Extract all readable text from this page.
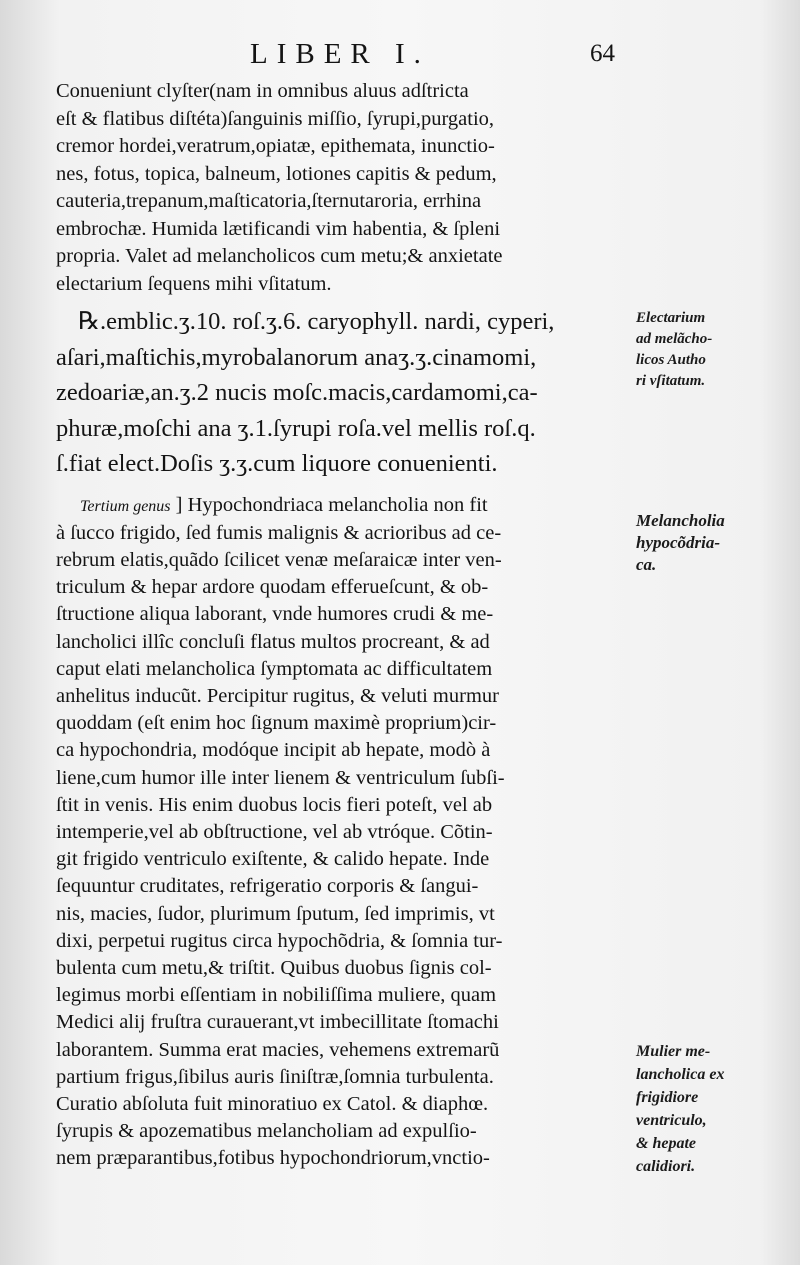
LIBER I.	64
Conueniunt clyſter(nam in omnibus aluus adſtricta
eſt & flatibus diſtéta)ſanguinis miſſio, ſyrupi,purgatio,
cremor hordei,veratrum,opiatæ, epithemata, inunctio-
nes, fotus, topica, balneum, lotiones capitis & pedum,
cauteria,trepanum,maſticatoria,ſternutaroria, errhina
embrochæ. Humida lætificandi vim habentia, & ſpleni
propria. Valet ad melancholicos cum metu;& anxietate
electarium ſequens mihi vſitatum.
℞.emblic.ʒ.10. roſ.ʒ.6. caryophyll. nardi, cyperi,
aſari,maſtichis,myrobalanorum anaʒ.ʒ.cinamomi,
zedoariæ,an.ʒ.2 nucis moſc.macis,cardamomi,ca-
phuræ,moſchi ana ʒ.1.ſyrupi roſa.vel mellis roſ.q.
ſ.fiat elect.Doſis ʒ.ʒ.cum liquore conuenienti.
Tertium genus ] Hypochondriaca melancholia non fit
à ſucco frigido, ſed fumis malignis & acrioribus ad ce-
rebrum elatis,quãdo ſcilicet venæ meſaraicæ inter ven-
triculum & hepar ardore quodam efferueſcunt, & ob-
ſtructione aliqua laborant, vnde humores crudi & me-
lancholici illîc concluſi flatus multos procreant, & ad
caput elati melancholica ſymptomata ac difficultatem
anhelitus inducũt. Percipitur rugitus, & veluti murmur
quoddam (eſt enim hoc ſignum maximè proprium)cir-
ca hypochondria, modóque incipit ab hepate, modò à
liene,cum humor ille inter lienem & ventriculum ſubſi-
ſtit in venis. His enim duobus locis fieri poteſt, vel ab
intemperie,vel ab obſtructione, vel ab vtróque. Cõtin-
git frigido ventriculo exiſtente, & calido hepate. Inde
ſequuntur cruditates, refrigeratio corporis & ſangui-
nis, macies, ſudor, plurimum ſputum, ſed imprimis, vt
dixi, perpetui rugitus circa hypochõdria, & ſomnia tur-
bulenta cum metu,& triſtit. Quibus duobus ſignis col-
legimus morbi eſſentiam in nobiliſſima muliere, quam
Medici alij fruſtra curauerant,vt imbecillitate ſtomachi
laborantem. Summa erat macies, vehemens extremarũ
partium frigus,ſibilus auris ſiniſtræ,ſomnia turbulenta.
Curatio abſoluta fuit minoratiuo ex Catol. & diaphœ.
ſyrupis & apozematibus melancholiam ad expulſio-
nem præparantibus,fotibus hypochondriorum,vnctio-
Electarium
ad melãcho-
licos Autho
ri vſitatum.
Melancholia
hypocõdria-
ca.
Mulier me-
lancholica ex
frigidiore
ventriculo,
& hepate
calidiori.
